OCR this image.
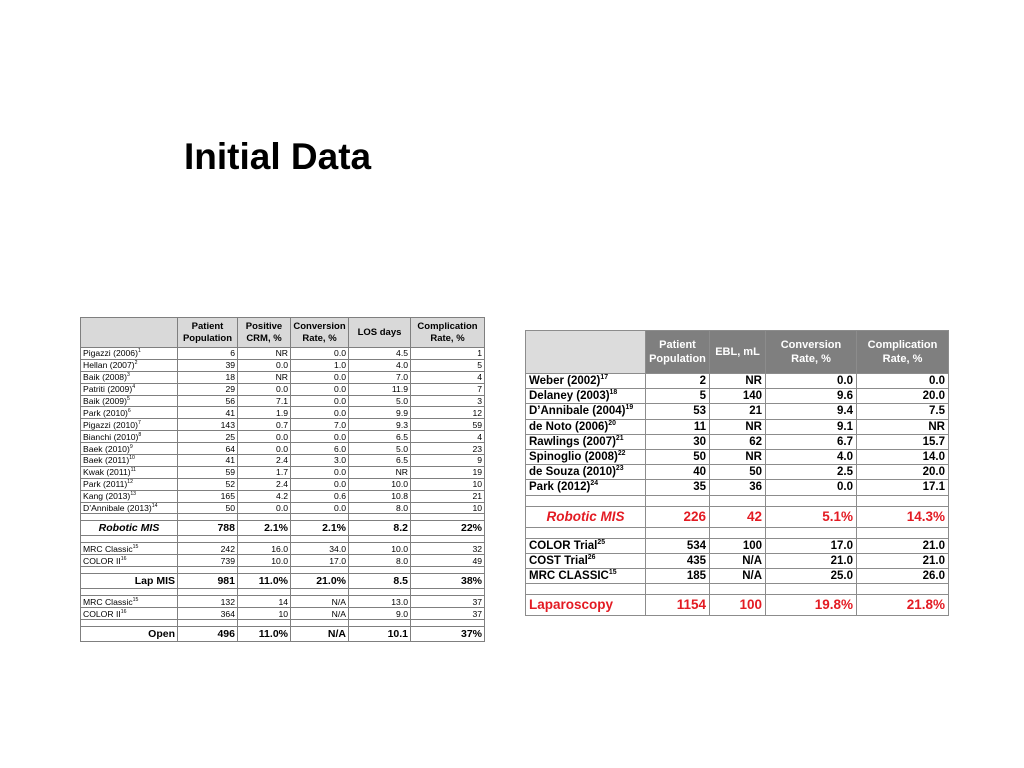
Initial Data
	Patient Population	Positive CRM, %	Conversion Rate, %	LOS days	Complication Rate, %
Pigazzi $(2006)^1$	6	NR	0.0	4.5	1
Hellan $(2007)^2$	39	0.0	1.0	4.0	5
Baik $(2008)^3$	18	NR	0.0	7.0	4
Patriti $(2009)^4$	29	0.0	0.0	11.9	7
Baik $(2009)^5$	56	7.1	0.0	5.0	3
Park $(2010)^6$	41	1.9	0.0	9.9	12
Pigazzi $(2010)^7$	143	0.7	7.0	9.3	59
Bianchi $(2010)^8$	25	0.0	0.0	6.5	4
Baek $(2010)^9$	64	0.0	6.0	5.0	23
Baek $(2011)^{10}$	41	2.4	3.0	6.5	9
Kwak $(2011)^{11}$	59	1.7	0.0	NR	19
Park $(2011)^{12}$	52	2.4	0.0	10.0	10
Kang $(2013)^{13}$	165	4.2	0.6	10.8	21
D’Annibale $(2013)^{14}$	50	0.0	0.0	8.0	10

Robotic MIS	788	2.1%	2.1%	8.2	22%

MRC Classic$^{15}$	242	16.0	34.0	10.0	32
COLOR II$^{16}$	739	10.0	17.0	8.0	49

Lap MIS	981	11.0%	21.0%	8.5	38%

MRC Classic$^{15}$	132	14	N/A	13.0	37
COLOR II$^{16}$	364	10	N/A	9.0	37

Open	496	11.0%	N/A	10.1	37%
	Patient Population	EBL, mL	Conversion Rate, %	Complication Rate, %
Weber $(2002)^{17}$	2	NR	0.0	0.0
Delaney $(2003)^{18}$	5	140	9.6	20.0
D’Annibale $(2004)^{19}$	53	21	9.4	7.5
de Noto $(2006)^{20}$	11	NR	9.1	NR
Rawlings $(2007)^{21}$	30	62	6.7	15.7
Spinoglio $(2008)^{22}$	50	NR	4.0	14.0
de Souza $(2010)^{23}$	40	50	2.5	20.0
Park $(2012)^{24}$	35	36	0.0	17.1

Robotic MIS	226	42	5.1%	14.3%

COLOR Trial$^{25}$	534	100	17.0	21.0
COST Trial$^{26}$	435	N/A	21.0	21.0
MRC CLASSIC$^{15}$	185	N/A	25.0	26.0

Laparoscopy	1154	100	19.8%	21.8%
